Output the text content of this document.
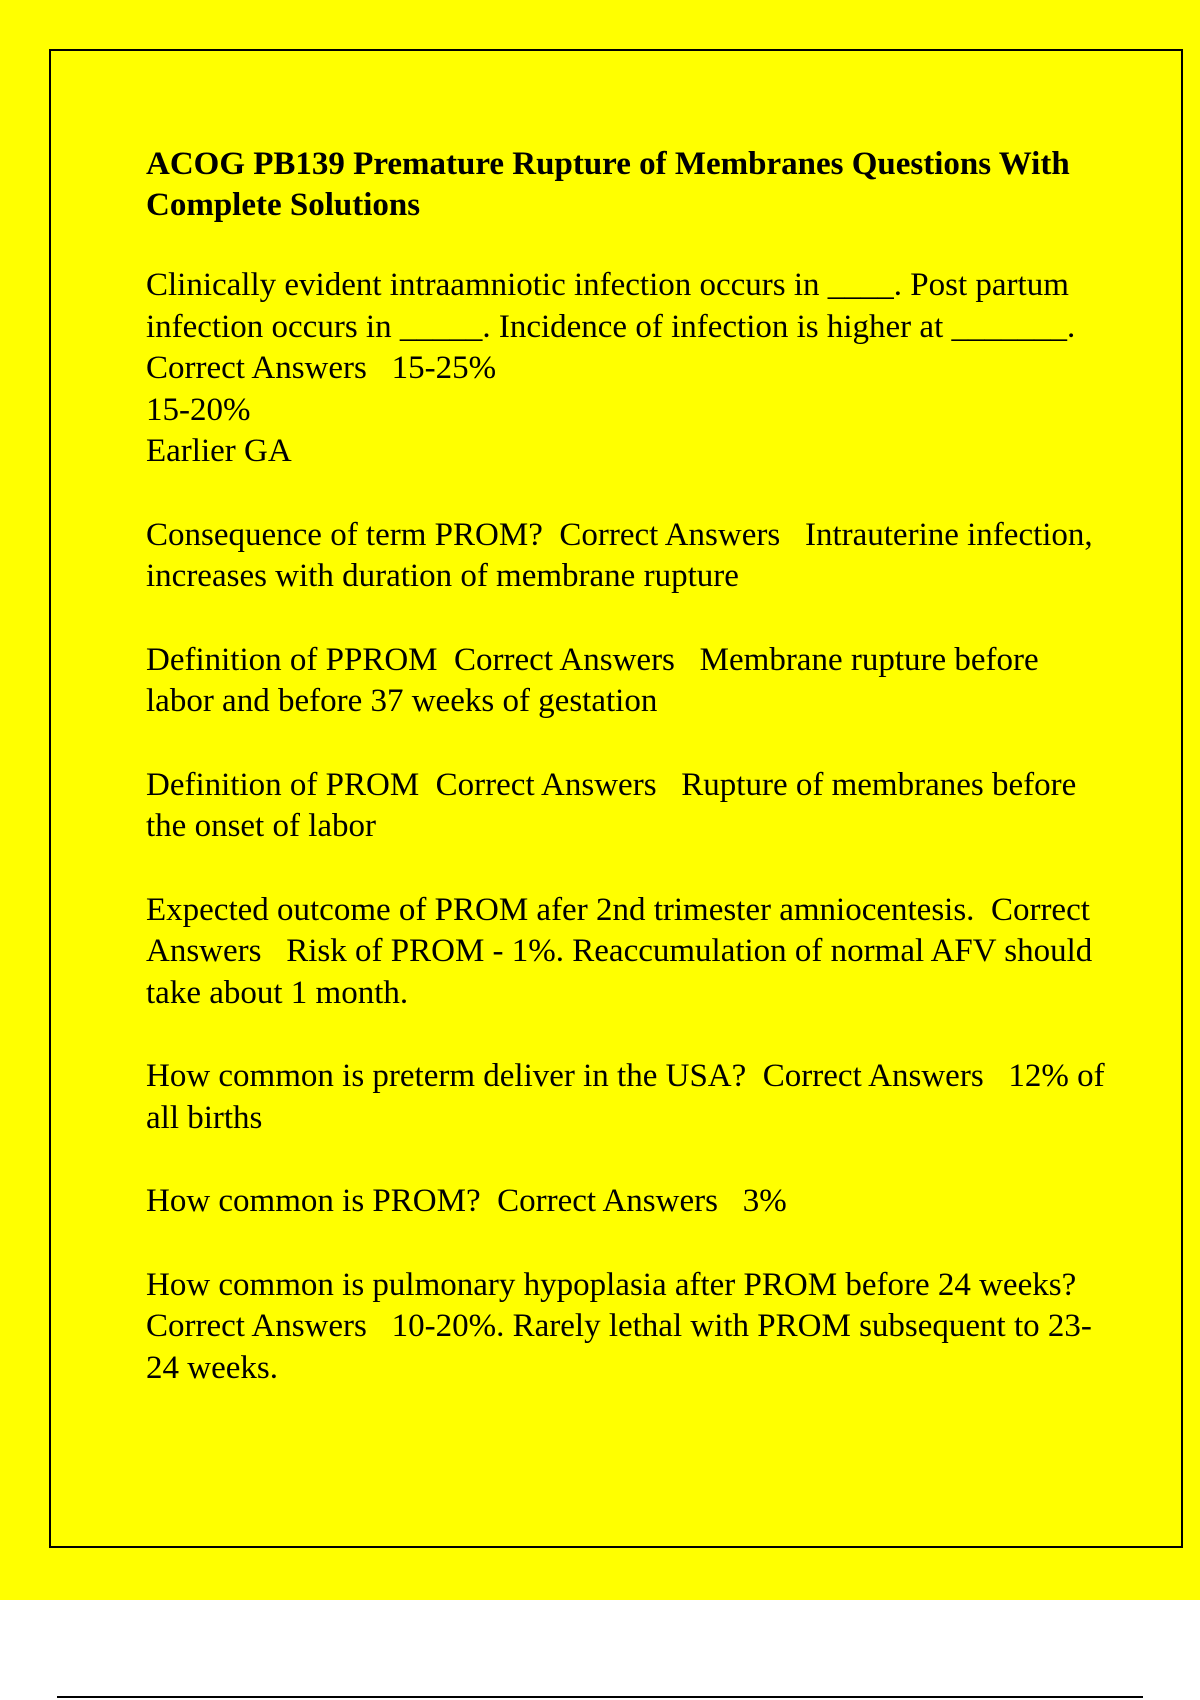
ACOG PB139 Premature Rupture of Membranes Questions With Complete Solutions
Clinically evident intraamniotic infection occurs in ____. Post partum infection occurs in _____. Incidence of infection is higher at _______.  Correct Answers 15-25%
15-20%
Earlier GA
Consequence of term PROM? Correct Answers Intrauterine infection, increases with duration of membrane rupture
Definition of PPROM Correct Answers Membrane rupture before labor and before 37 weeks of gestation
Definition of PROM Correct Answers Rupture of membranes before the onset of labor
Expected outcome of PROM afer 2nd trimester amniocentesis. Correct Answers Risk of PROM - 1%. Reaccumulation of normal AFV should take about 1 month.
How common is preterm deliver in the USA? Correct Answers 12% of all births
How common is PROM? Correct Answers 3%
How common is pulmonary hypoplasia after PROM before 24 weeks?  Correct Answers 10-20%. Rarely lethal with PROM subsequent to 23-24 weeks.
